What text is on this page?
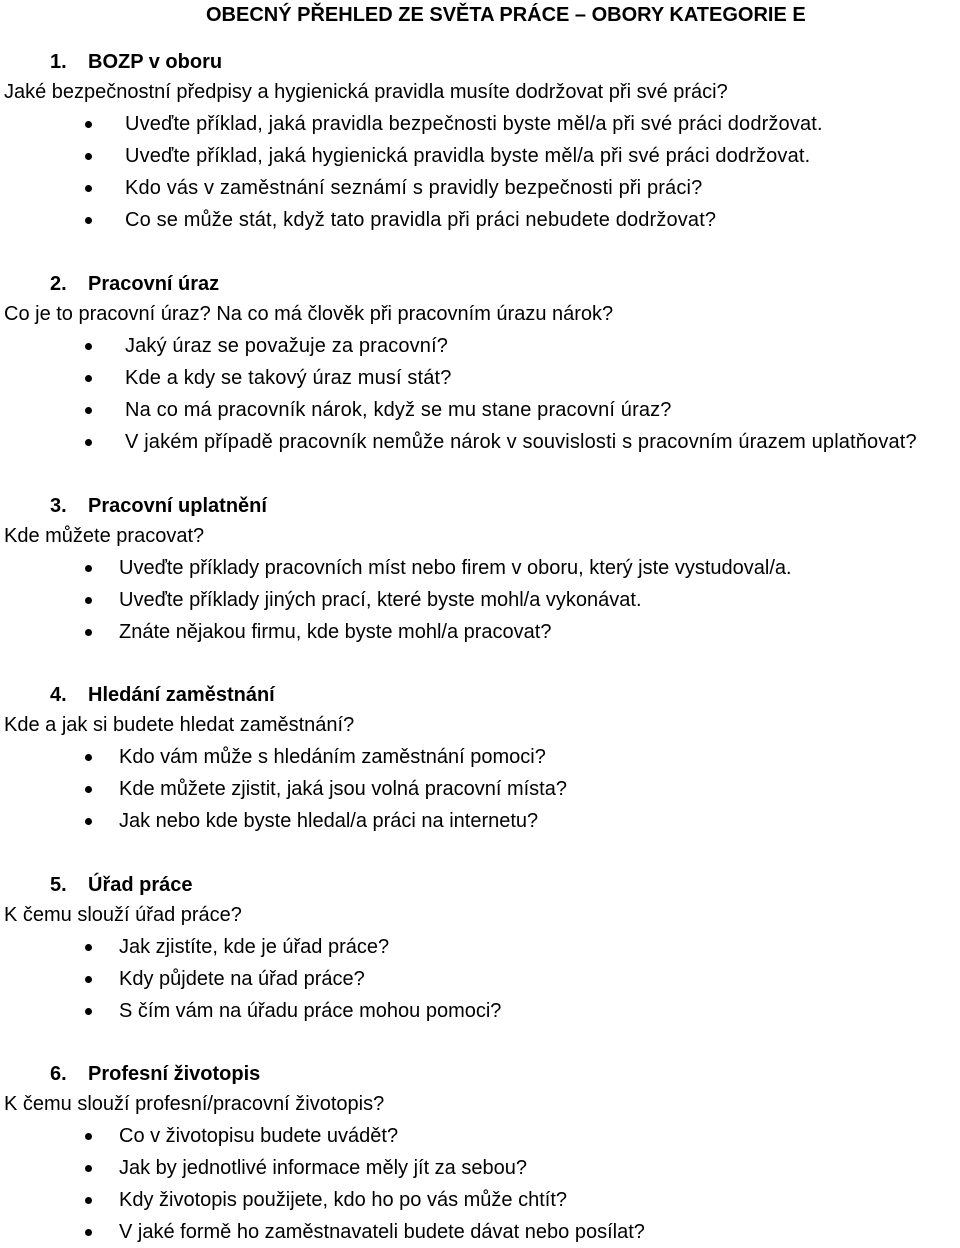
OBECNÝ PŘEHLED ZE SVĚTA PRÁCE – OBORY KATEGORIE E
1. BOZP v oboru
Jaké bezpečnostní předpisy a hygienická pravidla musíte dodržovat při své práci?
Uveďte příklad, jaká pravidla bezpečnosti byste měl/a při své práci dodržovat.
Uveďte příklad, jaká hygienická pravidla byste měl/a při své práci dodržovat.
Kdo vás v zaměstnání seznámí s pravidly bezpečnosti při práci?
Co se může stát, když tato pravidla při práci nebudete dodržovat?
2. Pracovní úraz
Co je to pracovní úraz? Na co má člověk při pracovním úrazu nárok?
Jaký úraz se považuje za pracovní?
Kde a kdy se takový úraz musí stát?
Na co má pracovník nárok, když se mu stane pracovní úraz?
V jakém případě pracovník nemůže nárok v souvislosti s pracovním úrazem uplatňovat?
3. Pracovní uplatnění
Kde můžete pracovat?
Uveďte příklady pracovních míst nebo firem v oboru, který jste vystudoval/a.
Uveďte příklady jiných prací, které byste mohl/a vykonávat.
Znáte nějakou firmu, kde byste mohl/a pracovat?
4. Hledání zaměstnání
Kde a jak si budete hledat zaměstnání?
Kdo vám může s hledáním zaměstnání pomoci?
Kde můžete zjistit, jaká jsou volná pracovní místa?
Jak nebo kde byste hledal/a práci na internetu?
5. Úřad práce
K čemu slouží úřad práce?
Jak zjistíte, kde je úřad práce?
Kdy půjdete na úřad práce?
S čím vám na úřadu práce mohou pomoci?
6. Profesní životopis
K čemu slouží profesní/pracovní životopis?
Co v životopisu budete uvádět?
Jak by jednotlivé informace měly jít za sebou?
Kdy životopis použijete, kdo ho po vás může chtít?
V jaké formě ho zaměstnavateli budete dávat nebo posílat?
